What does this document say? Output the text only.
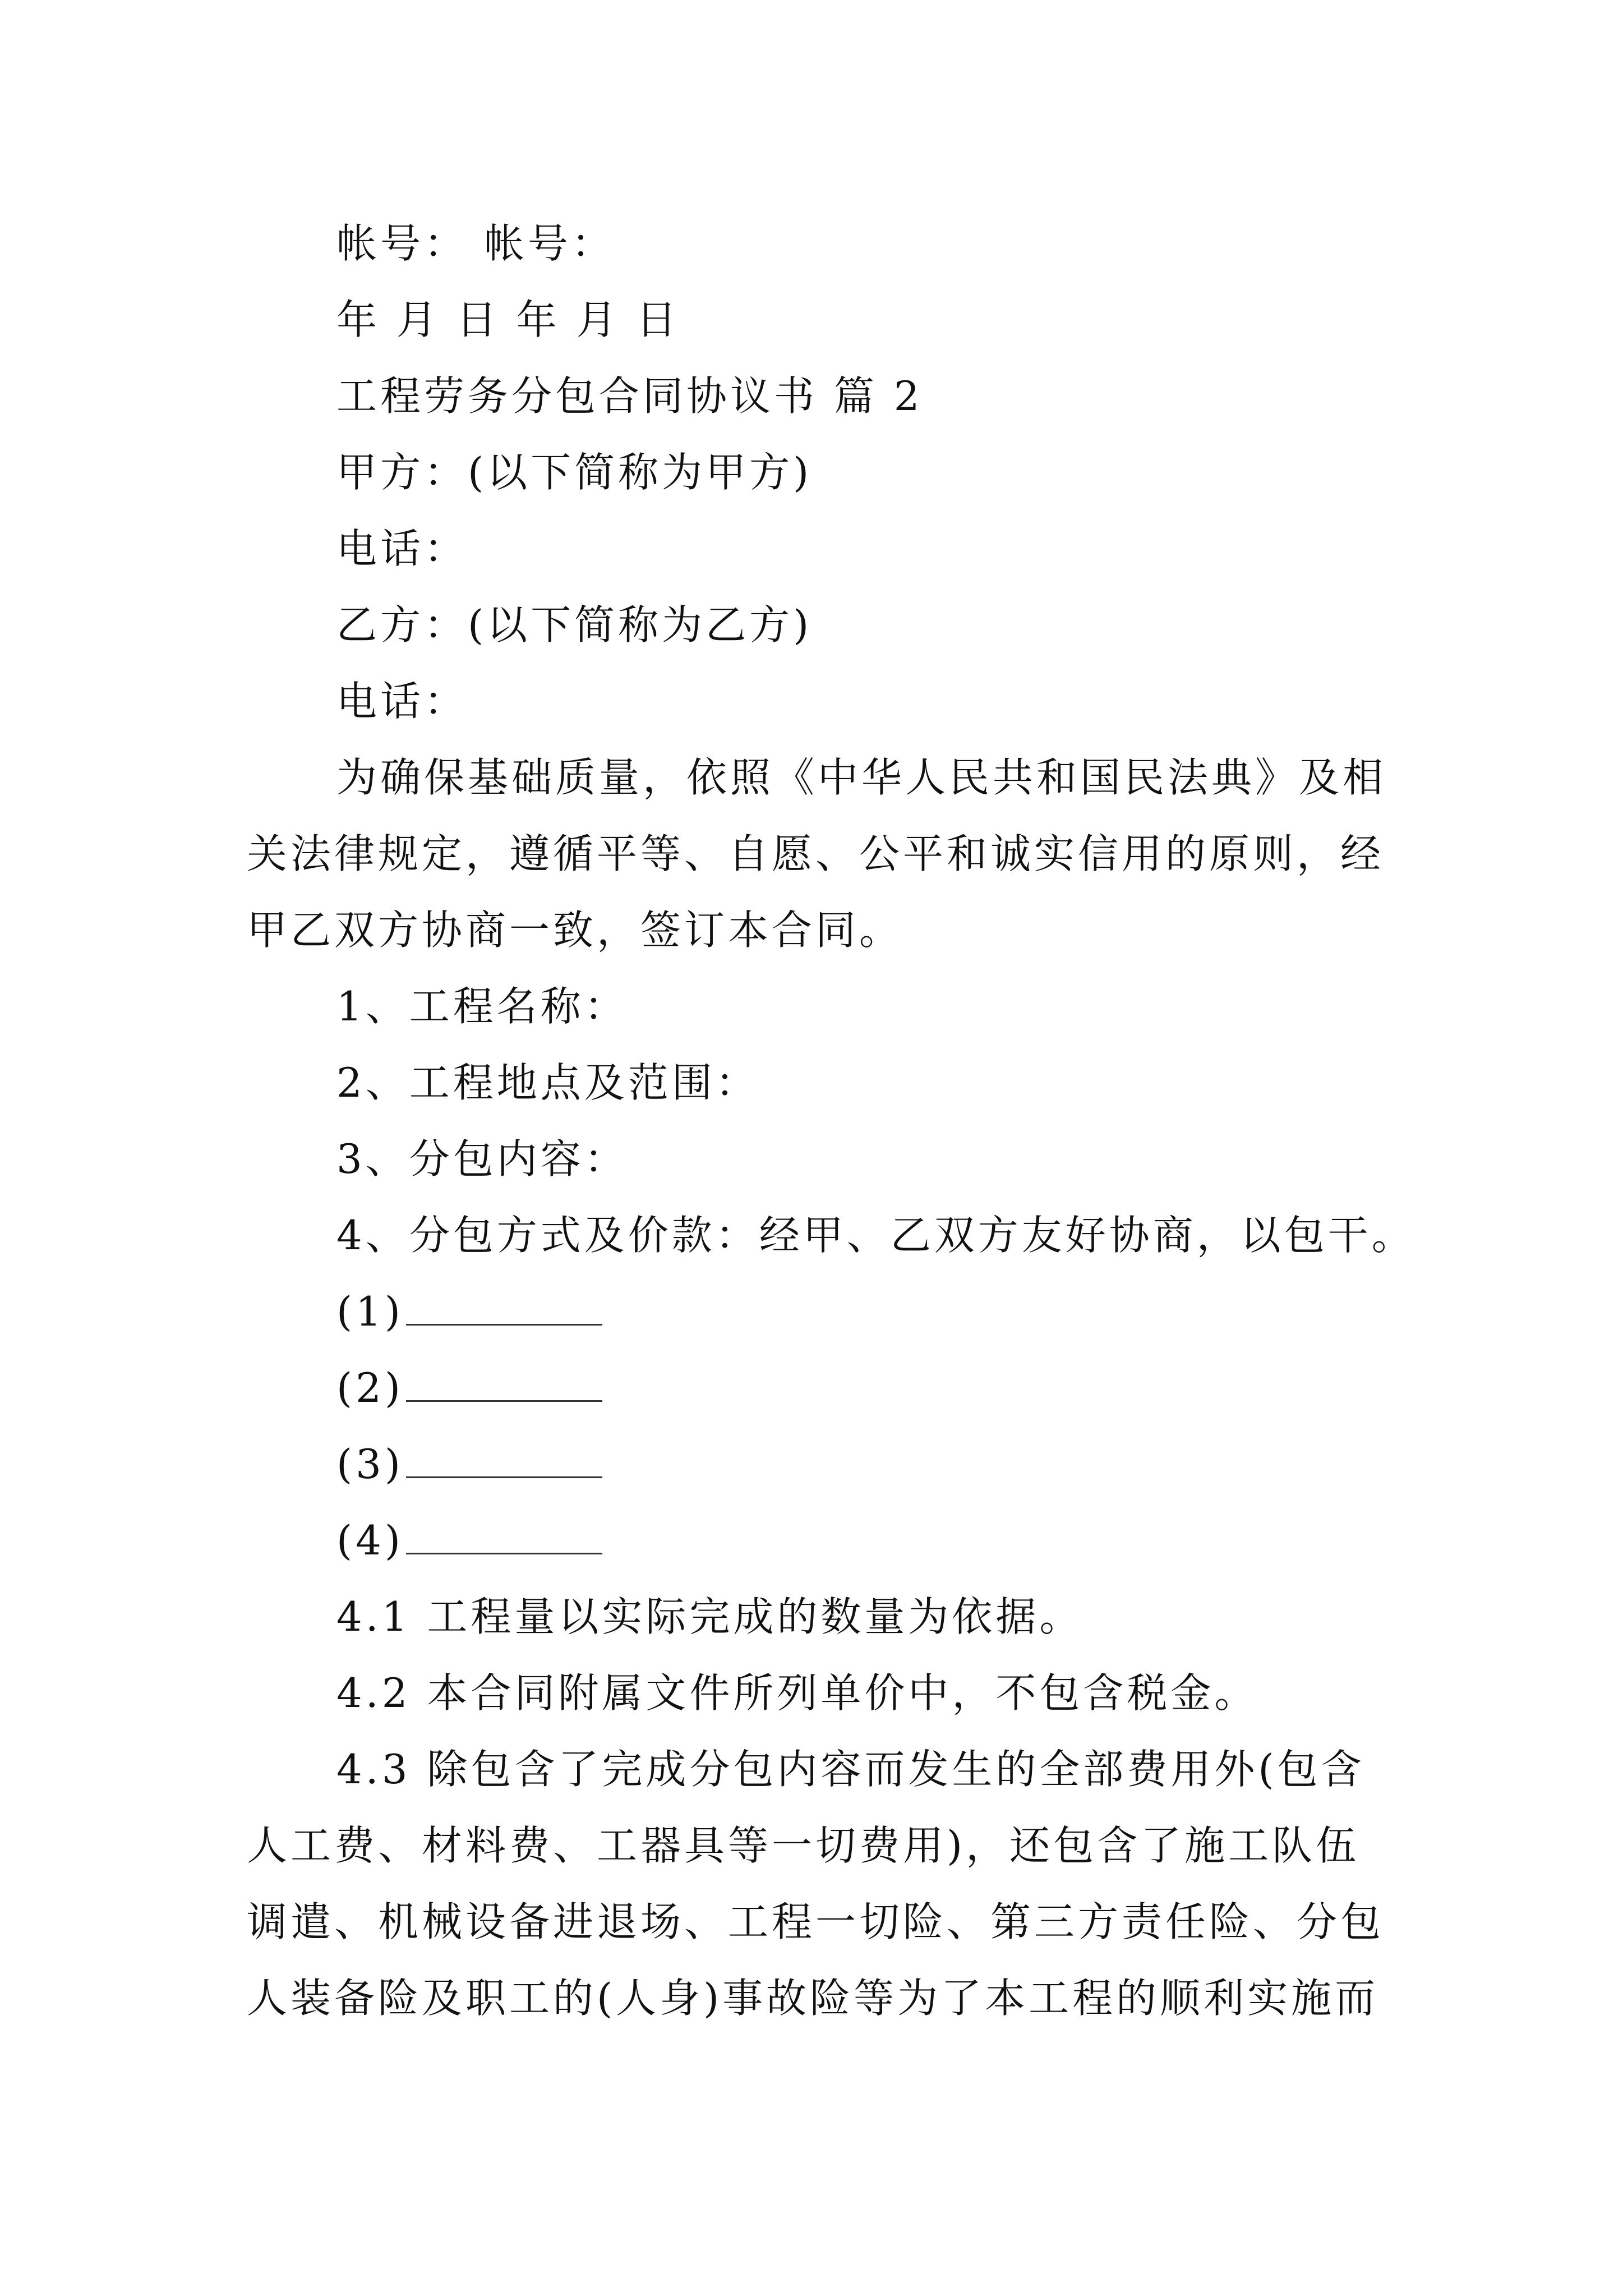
帐号： 帐号：
年 月 日 年 月 日
工程劳务分包合同协议书 篇 2
甲方：(以下简称为甲方)
电话：
乙方：(以下简称为乙方)
电话：
为确保基础质量，依照《中华人民共和国民法典》及相
关法律规定，遵循平等、自愿、公平和诚实信用的原则，经
甲乙双方协商一致，签订本合同。
1、工程名称：
2、工程地点及范围：
3、分包内容：
4、分包方式及价款：经甲、乙双方友好协商，以包干。
(1)
(2)
(3)
(4)
4.1 工程量以实际完成的数量为依据。
4.2 本合同附属文件所列单价中，不包含税金。
4.3 除包含了完成分包内容而发生的全部费用外(包含
人工费、材料费、工器具等一切费用)，还包含了施工队伍
调遣、机械设备进退场、工程一切险、第三方责任险、分包
人装备险及职工的(人身)事故险等为了本工程的顺利实施而
